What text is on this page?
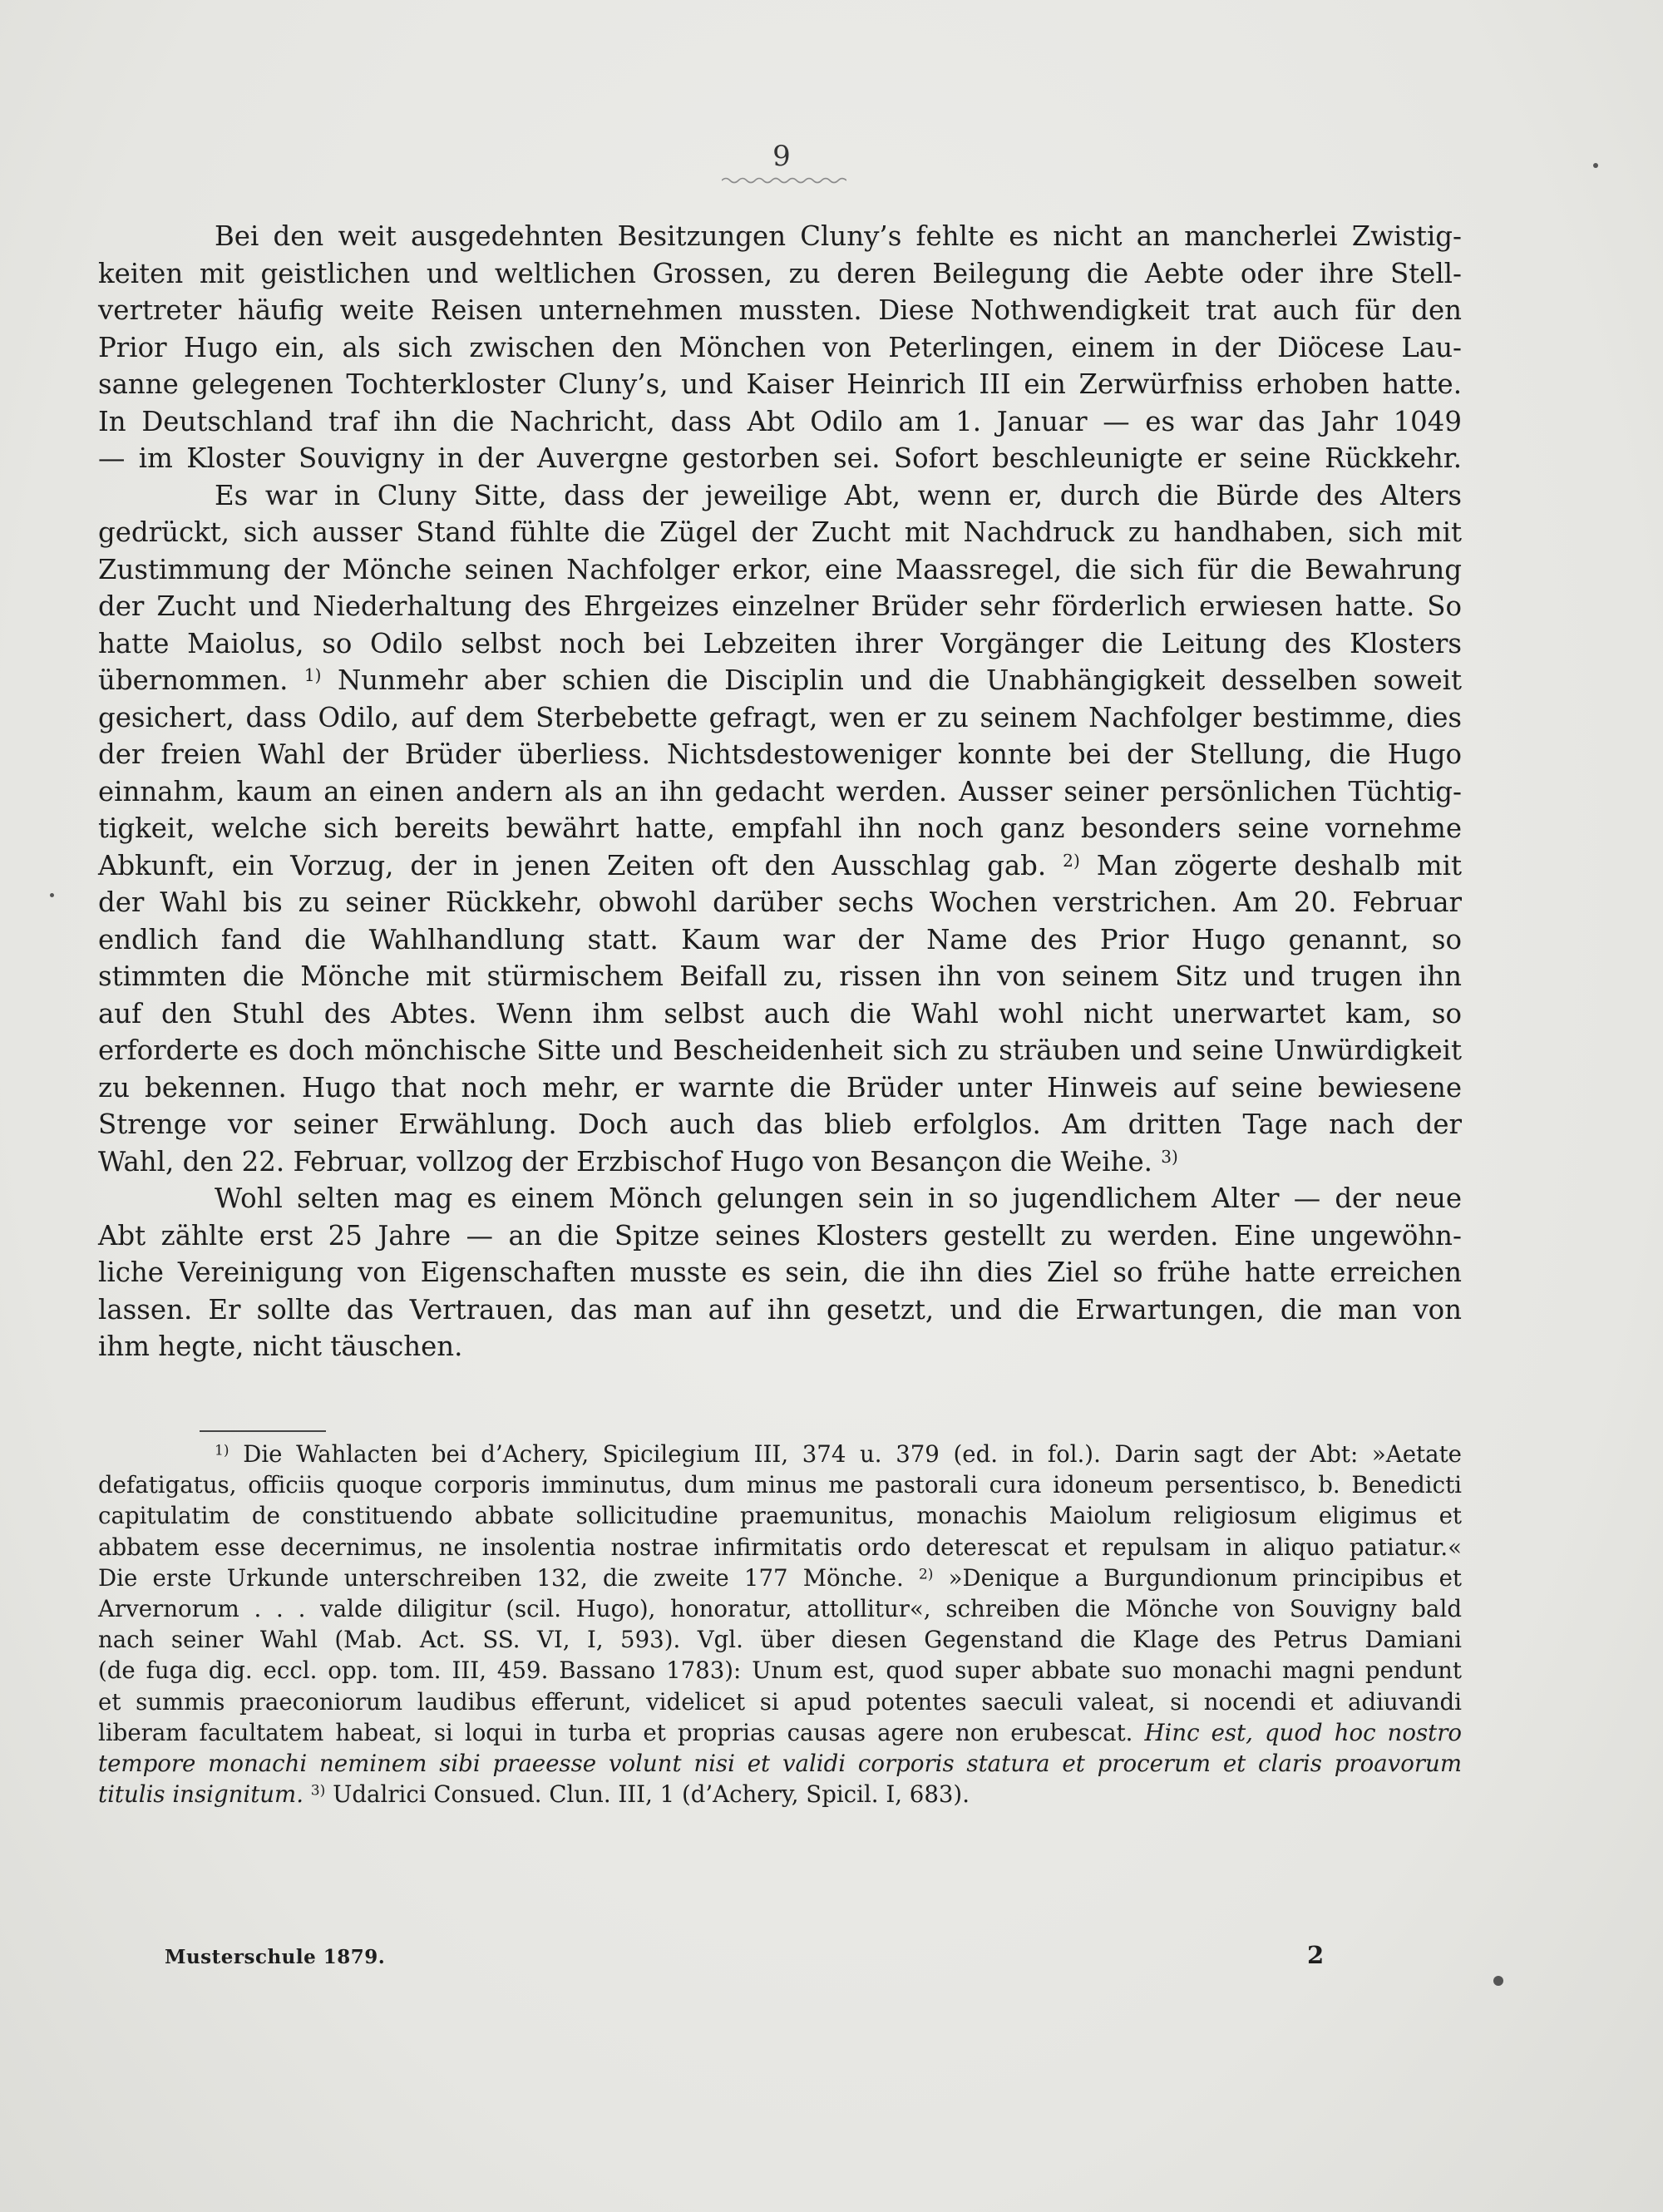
9

Bei den weit ausgedehnten Besitzungen Cluny’s fehlte es nicht an mancherlei Zwistig-

keiten mit geistlichen und weltlichen Grossen, zu deren Beilegung die Aebte oder ihre Stell-

vertreter häufig weite Reisen unternehmen mussten. Diese Nothwendigkeit trat auch für den

Prior Hugo ein, als sich zwischen den Mönchen von Peterlingen, einem in der Diöcese Lau-

sanne gelegenen Tochterkloster Cluny’s, und Kaiser Heinrich III ein Zerwürfniss erhoben hatte.

In Deutschland traf ihn die Nachricht, dass Abt Odilo am 1. Januar — es war das Jahr 1049

— im Kloster Souvigny in der Auvergne gestorben sei. Sofort beschleunigte er seine Rückkehr.

Es war in Cluny Sitte, dass der jeweilige Abt, wenn er, durch die Bürde des Alters

gedrückt, sich ausser Stand fühlte die Zügel der Zucht mit Nachdruck zu handhaben, sich mit

Zustimmung der Mönche seinen Nachfolger erkor, eine Maassregel, die sich für die Bewahrung

der Zucht und Niederhaltung des Ehrgeizes einzelner Brüder sehr förderlich erwiesen hatte. So

hatte Maiolus, so Odilo selbst noch bei Lebzeiten ihrer Vorgänger die Leitung des Klosters

übernommen. $^{1)}$ Nunmehr aber schien die Disciplin und die Unabhängigkeit desselben soweit

gesichert, dass Odilo, auf dem Sterbebette gefragt, wen er zu seinem Nachfolger bestimme, dies

der freien Wahl der Brüder überliess. Nichtsdestoweniger konnte bei der Stellung, die Hugo

einnahm, kaum an einen andern als an ihn gedacht werden. Ausser seiner persönlichen Tüchtig-

tigkeit, welche sich bereits bewährt hatte, empfahl ihn noch ganz besonders seine vornehme

Abkunft, ein Vorzug, der in jenen Zeiten oft den Ausschlag gab. $^{2)}$ Man zögerte deshalb mit

der Wahl bis zu seiner Rückkehr, obwohl darüber sechs Wochen verstrichen. Am 20. Februar

endlich fand die Wahlhandlung statt. Kaum war der Name des Prior Hugo genannt, so

stimmten die Mönche mit stürmischem Beifall zu, rissen ihn von seinem Sitz und trugen ihn

auf den Stuhl des Abtes. Wenn ihm selbst auch die Wahl wohl nicht unerwartet kam, so

erforderte es doch mönchische Sitte und Bescheidenheit sich zu sträuben und seine Unwürdigkeit

zu bekennen. Hugo that noch mehr, er warnte die Brüder unter Hinweis auf seine bewiesene

Strenge vor seiner Erwählung. Doch auch das blieb erfolglos. Am dritten Tage nach der

Wahl, den 22. Februar, vollzog der Erzbischof Hugo von Besançon die Weihe. $^{3)}$

Wohl selten mag es einem Mönch gelungen sein in so jugendlichem Alter — der neue

Abt zählte erst 25 Jahre — an die Spitze seines Klosters gestellt zu werden. Eine ungewöhn-

liche Vereinigung von Eigenschaften musste es sein, die ihn dies Ziel so frühe hatte erreichen

lassen. Er sollte das Vertrauen, das man auf ihn gesetzt, und die Erwartungen, die man von

ihm hegte, nicht täuschen.

$^{1)}$ Die Wahlacten bei d’Achery, Spicilegium III, 374 u. 379 (ed. in fol.). Darin sagt der Abt: »Aetate

defatigatus, officiis quoque corporis imminutus, dum minus me pastorali cura idoneum persentisco, b. Benedicti

capitulatim de constituendo abbate sollicitudine praemunitus, monachis Maiolum religiosum eligimus et

abbatem esse decernimus, ne insolentia nostrae infirmitatis ordo deterescat et repulsam in aliquo patiatur.«

Die erste Urkunde unterschreiben 132, die zweite 177 Mönche. $^{2)}$ »Denique a Burgundionum principibus et

Arvernorum . . . valde diligitur (scil. Hugo), honoratur, attollitur«, schreiben die Mönche von Souvigny bald

nach seiner Wahl (Mab. Act. SS. VI, I, 593). Vgl. über diesen Gegenstand die Klage des Petrus Damiani

(de fuga dig. eccl. opp. tom. III, 459. Bassano 1783): Unum est, quod super abbate suo monachi magni pendunt

et summis praeconiorum laudibus efferunt, videlicet si apud potentes saeculi valeat, si nocendi et adiuvandi

liberam facultatem habeat, si loqui in turba et proprias causas agere non erubescat. Hinc est, quod hoc nostro

tempore monachi neminem sibi praeesse volunt nisi et validi corporis statura et procerum et claris proavorum

titulis insignitum. $^{3)}$ Udalrici Consued. Clun. III, 1 (d’Achery, Spicil. I, 683).

Musterschule 1879.	2
